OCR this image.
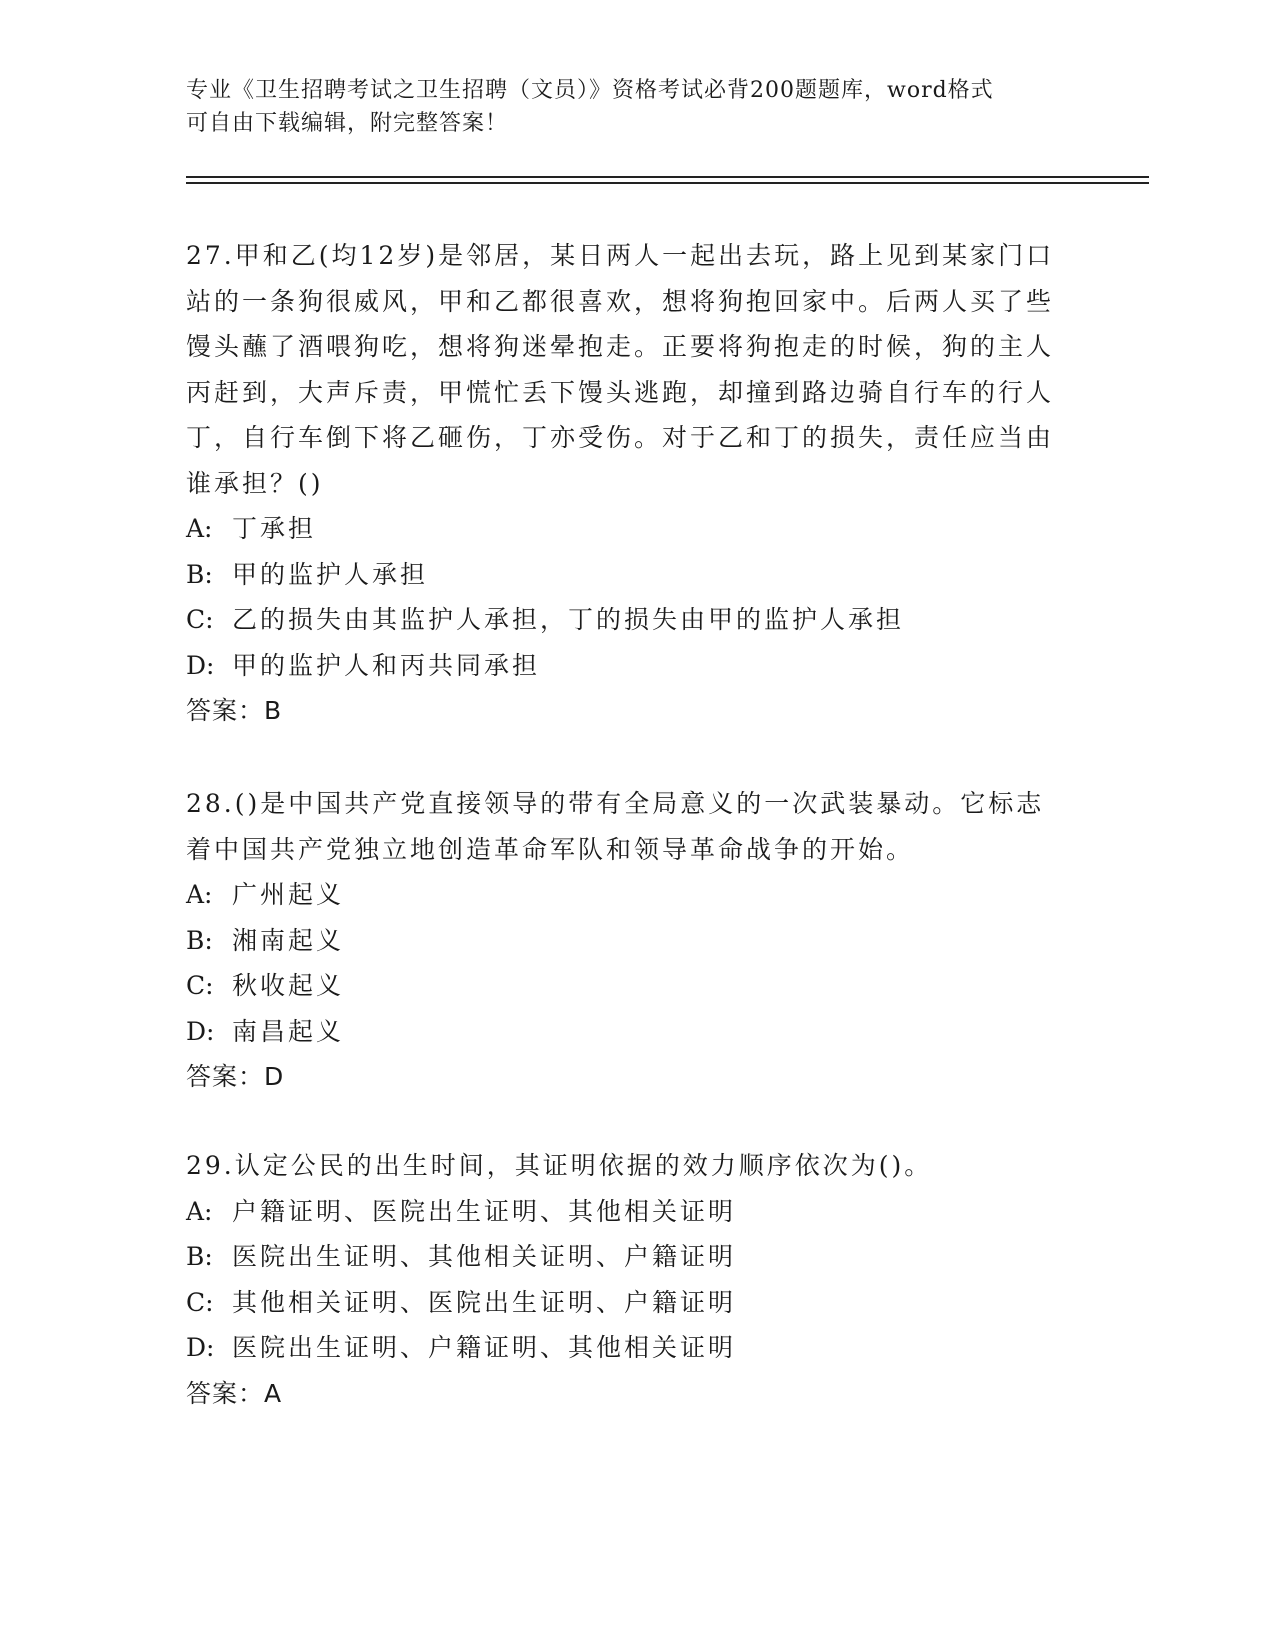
专业《卫生招聘考试之卫生招聘（文员）》资格考试必背200题题库，word格式
可自由下载编辑，附完整答案！

27.甲和乙(均12岁)是邻居，某日两人一起出去玩，路上见到某家门口站的一条狗很威风，甲和乙都很喜欢，想将狗抱回家中。后两人买了些馒头蘸了酒喂狗吃，想将狗迷晕抱走。正要将狗抱走的时候，狗的主人丙赶到，大声斥责，甲慌忙丢下馒头逃跑，却撞到路边骑自行车的行人丁，自行车倒下将乙砸伤，丁亦受伤。对于乙和丁的损失，责任应当由谁承担？()

A: 丁承担

B: 甲的监护人承担

C: 乙的损失由其监护人承担，丁的损失由甲的监护人承担

D: 甲的监护人和丙共同承担

答案：B

28.()是中国共产党直接领导的带有全局意义的一次武装暴动。它标志着中国共产党独立地创造革命军队和领导革命战争的开始。

A: 广州起义

B: 湘南起义

C: 秋收起义

D: 南昌起义

答案：D

29.认定公民的出生时间，其证明依据的效力顺序依次为()。

A: 户籍证明、医院出生证明、其他相关证明

B: 医院出生证明、其他相关证明、户籍证明

C: 其他相关证明、医院出生证明、户籍证明

D: 医院出生证明、户籍证明、其他相关证明

答案：A
